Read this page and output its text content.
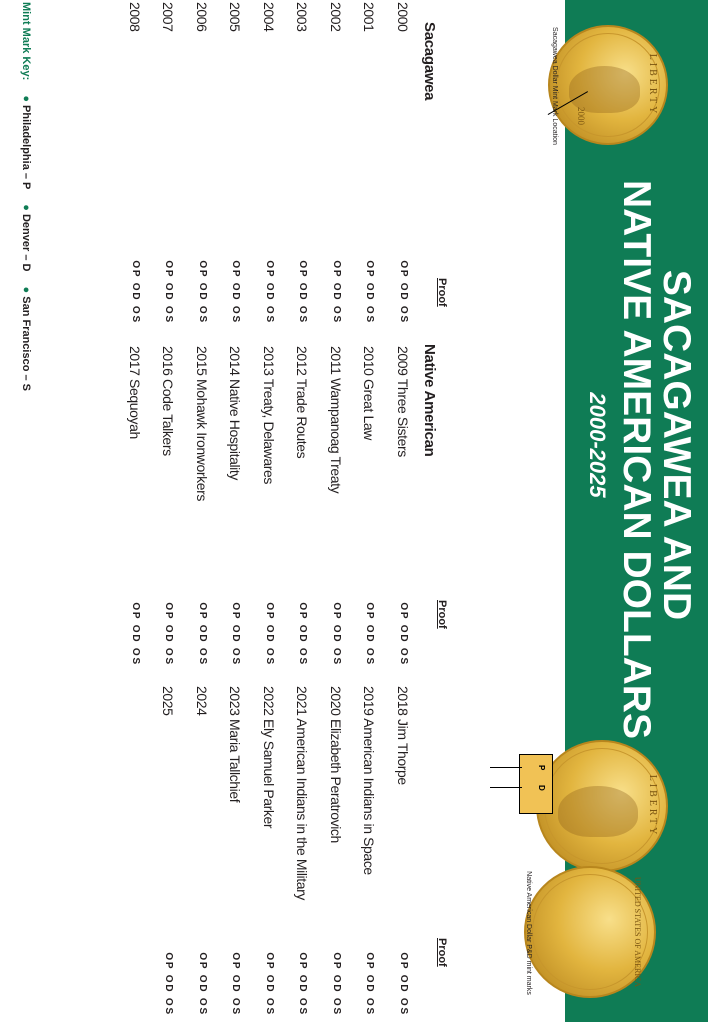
SACAGAWEA AND
NATIVE AMERICAN DOLLARS
2000-2025
LIBERTY
2000
Sacagawea Dollar Mint Mark Location
LIBERTY
P
D
UNITED STATES OF AMERICA
Native American Dollar P&D mint marks
Sacagawea
Proof
Native American
Proof
Proof
2000
OP OD OS
2001
OP OD OS
2002
OP OD OS
2003
OP OD OS
2004
OP OD OS
2005
OP OD OS
2006
OP OD OS
2007
OP OD OS
2008
OP OD OS
2009 Three Sisters
OP OD OS
2010 Great Law
OP OD OS
2011 Wampanoag Treaty
OP OD OS
2012 Trade Routes
OP OD OS
2013 Treaty, Delawares
OP OD OS
2014 Native Hospitality
OP OD OS
2015 Mohawk Ironworkers
OP OD OS
2016 Code Talkers
OP OD OS
2017 Sequoyah
OP OD OS
2018 Jim Thorpe
OP OD OS
2019 American Indians in Space
OP OD OS
2020 Elizabeth Peratrovich
OP OD OS
2021 American Indians in the Military
OP OD OS
2022 Ely Samuel Parker
OP OD OS
2023 Maria Tallchief
OP OD OS
2024
OP OD OS
2025
OP OD OS
Mint Mark Key: ● Philadelphia – P ● Denver – D ● San Francisco – S
